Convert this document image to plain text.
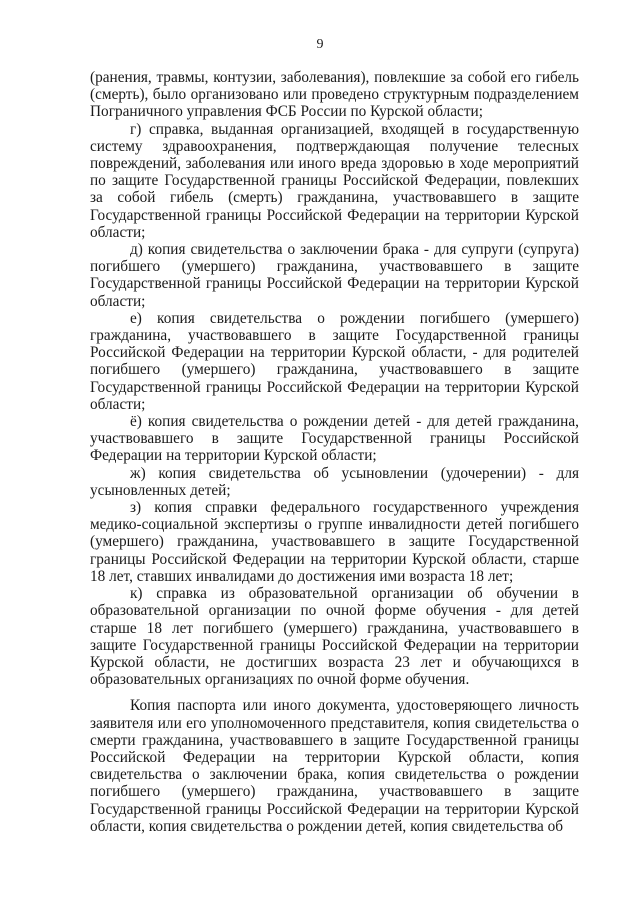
9

(ранения, травмы, контузии, заболевания), повлекшие за собой его гибель (смерть), было организовано или проведено структурным подразделением Пограничного управления ФСБ России по Курской области;

г) справка, выданная организацией, входящей в государственную систему здравоохранения, подтверждающая получение телесных повреждений, заболевания или иного вреда здоровью в ходе мероприятий по защите Государственной границы Российской Федерации, повлекших за собой гибель (смерть) гражданина, участвовавшего в защите Государственной границы Российской Федерации на территории Курской области;

д) копия свидетельства о заключении брака - для супруги (супруга) погибшего (умершего) гражданина, участвовавшего в защите Государственной границы Российской Федерации на территории Курской области;

е) копия свидетельства о рождении погибшего (умершего) гражданина, участвовавшего в защите Государственной границы Российской Федерации на территории Курской области, - для родителей погибшего (умершего) гражданина, участвовавшего в защите Государственной границы Российской Федерации на территории Курской области;

ё) копия свидетельства о рождении детей - для детей гражданина, участвовавшего в защите Государственной границы Российской Федерации на территории Курской области;

ж) копия свидетельства об усыновлении (удочерении) - для усыновленных детей;

з) копия справки федерального государственного учреждения медико-социальной экспертизы о группе инвалидности детей погибшего (умершего) гражданина, участвовавшего в защите Государственной границы Российской Федерации на территории Курской области, старше 18 лет, ставших инвалидами до достижения ими возраста 18 лет;

к) справка из образовательной организации об обучении в образовательной организации по очной форме обучения - для детей старше 18 лет погибшего (умершего) гражданина, участвовавшего в защите Государственной границы Российской Федерации на территории Курской области, не достигших возраста 23 лет и обучающихся в образовательных организациях по очной форме обучения.

Копия паспорта или иного документа, удостоверяющего личность заявителя или его уполномоченного представителя, копия свидетельства о смерти гражданина, участвовавшего в защите Государственной границы Российской Федерации на территории Курской области, копия свидетельства о заключении брака, копия свидетельства о рождении погибшего (умершего) гражданина, участвовавшего в защите Государственной границы Российской Федерации на территории Курской области, копия свидетельства о рождении детей, копия свидетельства об
